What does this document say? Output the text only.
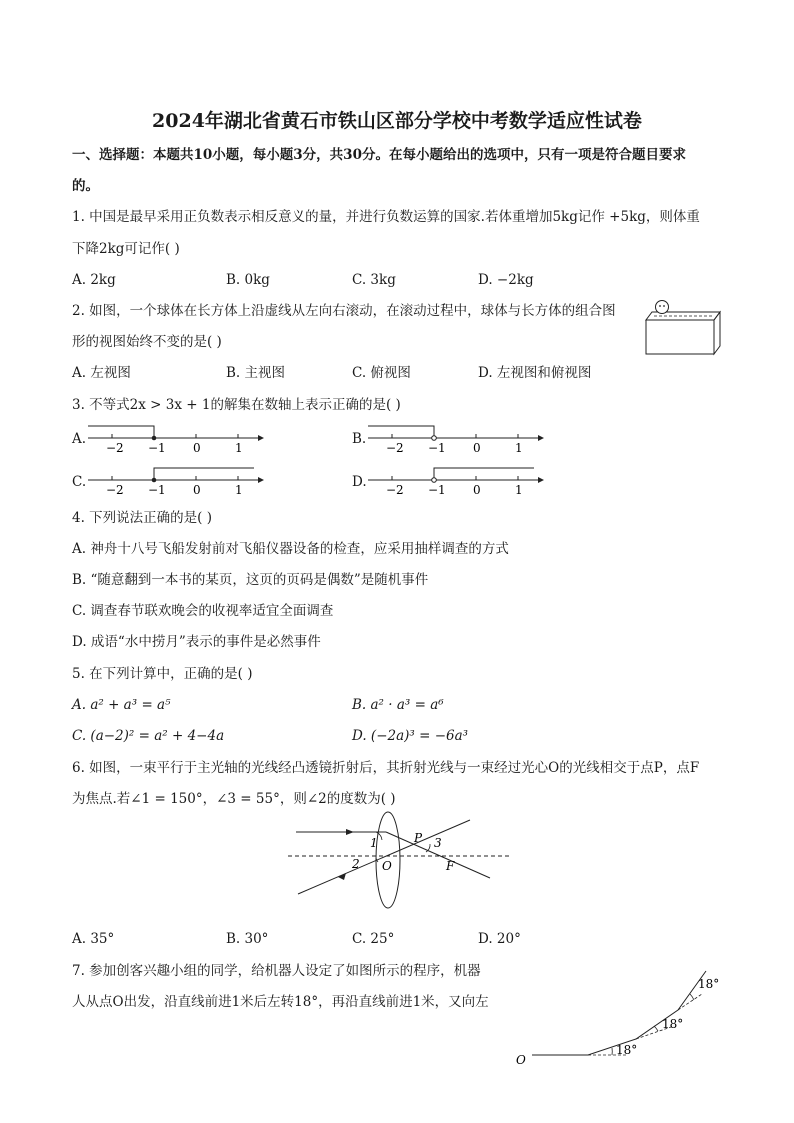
2024年湖北省黄石市铁山区部分学校中考数学适应性试卷
一、选择题：本题共10小题，每小题3分，共30分。在每小题给出的选项中，只有一项是符合题目要求
的。
1. 中国是最早采用正负数表示相反意义的量，并进行负数运算的国家.若体重增加5kg记作 +5kg，则体重
下降2kg可记作( )
A. 2kg	B. 0kg	C. 3kg	D. −2kg
2. 如图，一个球体在长方体上沿虚线从左向右滚动，在滚动过程中，球体与长方体的组合图
形的视图始终不变的是( )
A. 左视图	B. 主视图	C. 俯视图	D. 左视图和俯视图
3. 不等式2x > 3x + 1的解集在数轴上表示正确的是( )
A.
−2 −1 0	1
B.
−2 −1 0	1
C. −2 −1 0	1	D. −2 −1 0	1
4. 下列说法正确的是( )
A. 神舟十八号飞船发射前对飞船仪器设备的检查，应采用抽样调查的方式
B. “随意翻到一本书的某页，这页的页码是偶数”是随机事件
C. 调查春节联欢晚会的收视率适宜全面调查
D. 成语“水中捞月”表示的事件是必然事件
5. 在下列计算中，正确的是( )
A. a² + a³ = a⁵	B. a² · a³ = a⁶
C. (a−2)² = a² + 4−4a	D. (−2a)³ = −6a³
6. 如图，一束平行于主光轴的光线经凸透镜折射后，其折射光线与一束经过光心O的光线相交于点P，点F
为焦点.若∠1 = 150°，∠3 = 55°，则∠2的度数为( )
1
2
3
P
O	F
A. 35°	B. 30°	C. 25°	D. 20°
7. 参加创客兴趣小组的同学，给机器人设定了如图所示的程序，机器
人从点O出发，沿直线前进1米后左转18°，再沿直线前进1米，又向左
O
18°
18°
18°
